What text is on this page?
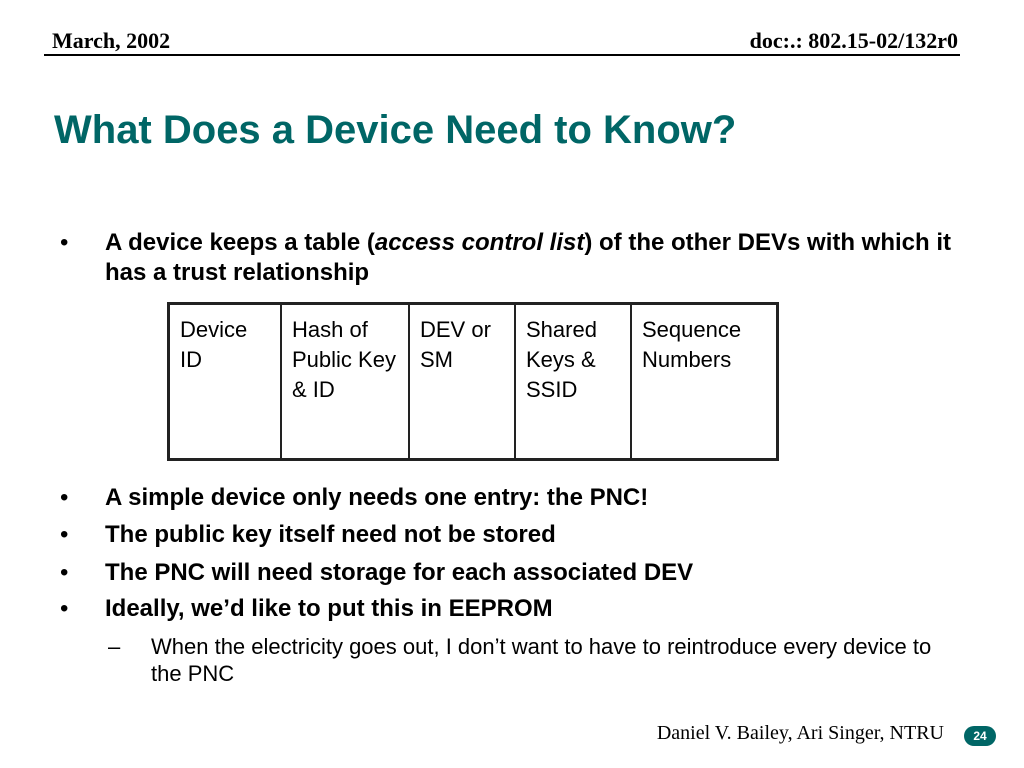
March, 2002	doc:.: 802.15-02/132r0
What Does a Device Need to Know?
• A device keeps a table (access control list) of the other DEVs with which it has a trust relationship
Device ID	Hash of Public Key & ID	DEV or SM	Shared Keys & SSID	Sequence Numbers
• A simple device only needs one entry: the PNC!
• The public key itself need not be stored
• The PNC will need storage for each associated DEV
• Ideally, we’d like to put this in EEPROM
– When the electricity goes out, I don’t want to have to reintroduce every device to the PNC
Daniel V. Bailey, Ari Singer, NTRU	24
